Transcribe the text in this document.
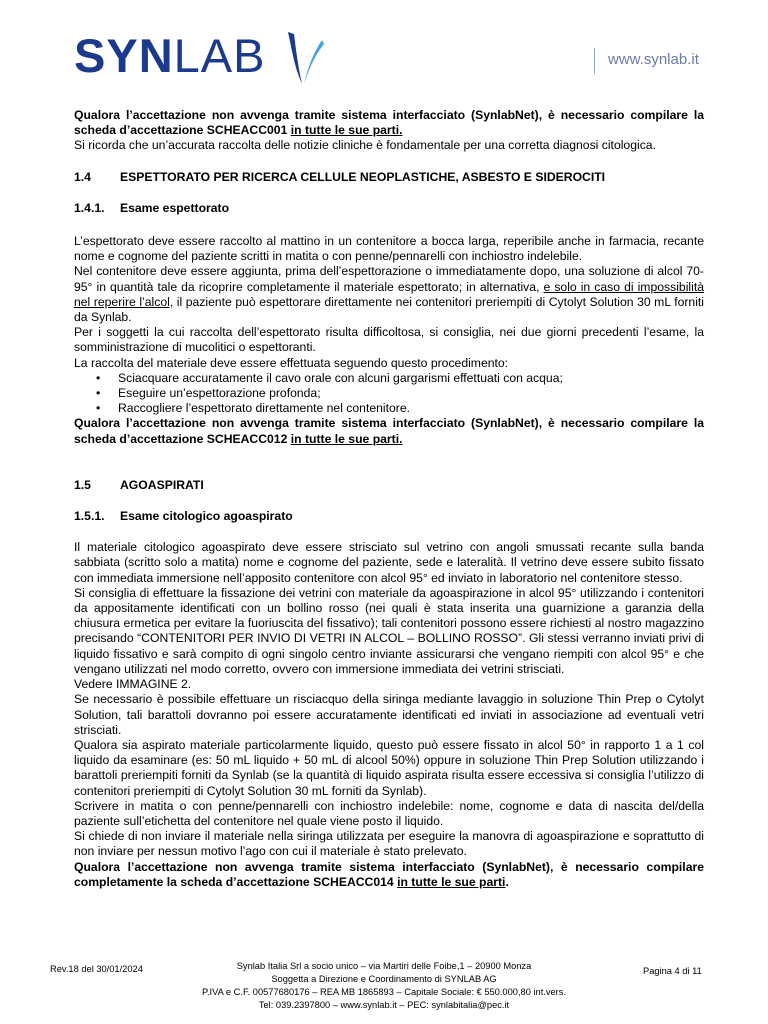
SYNLAB	www.synlab.it

Qualora l’accettazione non avvenga tramite sistema interfacciato (SynlabNet), è necessario compilare la scheda d’accettazione SCHEACC001 in tutte le sue parti.

Si ricorda che un’accurata raccolta delle notizie cliniche è fondamentale per una corretta diagnosi citologica.

1.4 ESPETTORATO PER RICERCA CELLULE NEOPLASTICHE, ASBESTO E SIDEROCITI

1.4.1. Esame espettorato

L’espettorato deve essere raccolto al mattino in un contenitore a bocca larga, reperibile anche in farmacia, recante nome e cognome del paziente scritti in matita o con penne/pennarelli con inchiostro indelebile.

Nel contenitore deve essere aggiunta, prima dell’espettorazione o immediatamente dopo, una soluzione di alcol 70-95° in quantità tale da ricoprire completamente il materiale espettorato; in alternativa, e solo in caso di impossibilità nel reperire l’alcol, il paziente può espettorare direttamente nei contenitori preriempiti di Cytolyt Solution 30 mL forniti da Synlab.

Per i soggetti la cui raccolta dell’espettorato risulta difficoltosa, si consiglia, nei due giorni precedenti l’esame, la somministrazione di mucolitici o espettoranti.

La raccolta del materiale deve essere effettuata seguendo questo procedimento:

• Sciacquare accuratamente il cavo orale con alcuni gargarismi effettuati con acqua;
• Eseguire un’espettorazione profonda;
• Raccogliere l’espettorato direttamente nel contenitore.

Qualora l’accettazione non avvenga tramite sistema interfacciato (SynlabNet), è necessario compilare la scheda d’accettazione SCHEACC012 in tutte le sue parti.

1.5 AGOASPIRATI

1.5.1. Esame citologico agoaspirato

Il materiale citologico agoaspirato deve essere strisciato sul vetrino con angoli smussati recante sulla banda sabbiata (scritto solo a matita) nome e cognome del paziente, sede e lateralità. Il vetrino deve essere subito fissato con immediata immersione nell’apposito contenitore con alcol 95° ed inviato in laboratorio nel contenitore stesso.

Si consiglia di effettuare la fissazione dei vetrini con materiale da agoaspirazione in alcol 95° utilizzando i contenitori da appositamente identificati con un bollino rosso (nei quali è stata inserita una guarnizione a garanzia della chiusura ermetica per evitare la fuoriuscita del fissativo); tali contenitori possono essere richiesti al nostro magazzino precisando “CONTENITORI PER INVIO DI VETRI IN ALCOL – BOLLINO ROSSO”. Gli stessi verranno inviati privi di liquido fissativo e sarà compito di ogni singolo centro inviante assicurarsi che vengano riempiti con alcol 95° e che vengano utilizzati nel modo corretto, ovvero con immersione immediata dei vetrini strisciati.

Vedere IMMAGINE 2.

Se necessario è possibile effettuare un risciacquo della siringa mediante lavaggio in soluzione Thin Prep o Cytolyt Solution, tali barattoli dovranno poi essere accuratamente identificati ed inviati in associazione ad eventuali vetri strisciati.

Qualora sia aspirato materiale particolarmente liquido, questo può essere fissato in alcol 50° in rapporto 1 a 1 col liquido da esaminare (es: 50 mL liquido + 50 mL di alcool 50%) oppure in soluzione Thin Prep Solution utilizzando i barattoli preriempiti forniti da Synlab (se la quantità di liquido aspirata risulta essere eccessiva si consiglia l’utilizzo di contenitori preriempiti di Cytolyt Solution 30 mL forniti da Synlab).

Scrivere in matita o con penne/pennarelli con inchiostro indelebile: nome, cognome e data di nascita del/della paziente sull’etichetta del contenitore nel quale viene posto il liquido.

Si chiede di non inviare il materiale nella siringa utilizzata per eseguire la manovra di agoaspirazione e soprattutto di non inviare per nessun motivo l’ago con cui il materiale è stato prelevato.

Qualora l’accettazione non avvenga tramite sistema interfacciato (SynlabNet), è necessario compilare completamente la scheda d’accettazione SCHEACC014 in tutte le sue parti.

Rev.18 del 30/01/2024	Synlab Italia Srl a socio unico – via Martiri delle Foibe,1 – 20900 Monza
Soggetta a Direzione e Coordinamento di SYNLAB AG
P.IVA e C.F. 00577680176 – REA MB 1865893 – Capitale Sociale: € 550.000,80 int.vers.
Tel: 039.2397800 – www.synlab.it – PEC: synlabitalia@pec.it
Pagina 4 di 11
